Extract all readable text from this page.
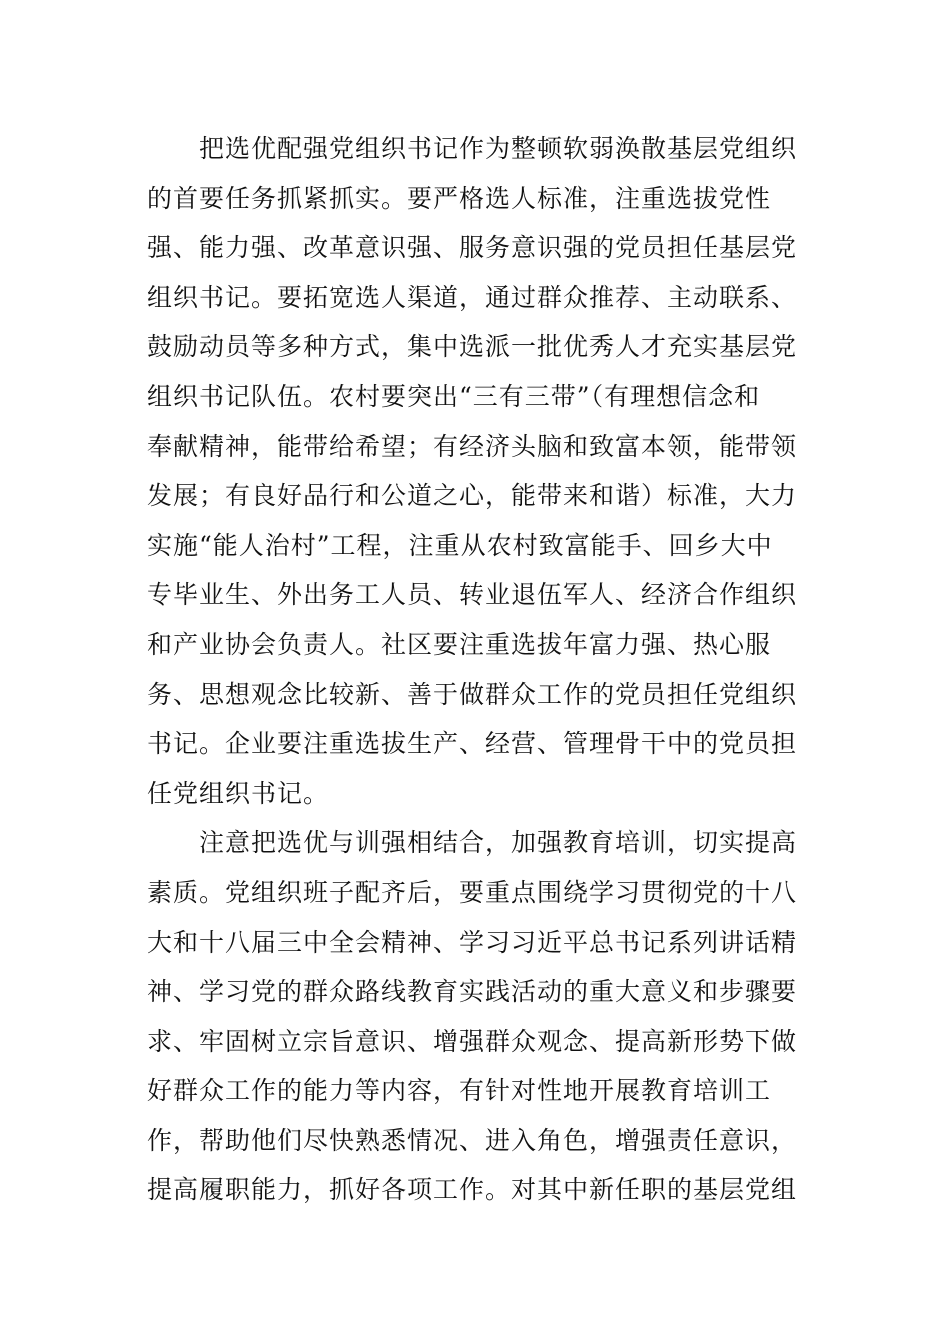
把选优配强党组织书记作为整顿软弱涣散基层党组织
的首要任务抓紧抓实。要严格选人标准，注重选拔党性
强、能力强、改革意识强、服务意识强的党员担任基层党
组织书记。要拓宽选人渠道，通过群众推荐、主动联系、
鼓励动员等多种方式，集中选派一批优秀人才充实基层党
组织书记队伍。农村要突出“三有三带”（有理想信念和
奉献精神，能带给希望；有经济头脑和致富本领，能带领
发展；有良好品行和公道之心，能带来和谐）标准，大力
实施“能人治村”工程，注重从农村致富能手、回乡大中
专毕业生、外出务工人员、转业退伍军人、经济合作组织
和产业协会负责人。社区要注重选拔年富力强、热心服
务、思想观念比较新、善于做群众工作的党员担任党组织
书记。企业要注重选拔生产、经营、管理骨干中的党员担
任党组织书记。
注意把选优与训强相结合，加强教育培训，切实提高
素质。党组织班子配齐后，要重点围绕学习贯彻党的十八
大和十八届三中全会精神、学习习近平总书记系列讲话精
神、学习党的群众路线教育实践活动的重大意义和步骤要
求、牢固树立宗旨意识、增强群众观念、提高新形势下做
好群众工作的能力等内容，有针对性地开展教育培训工
作，帮助他们尽快熟悉情况、进入角色，增强责任意识，
提高履职能力，抓好各项工作。对其中新任职的基层党组
